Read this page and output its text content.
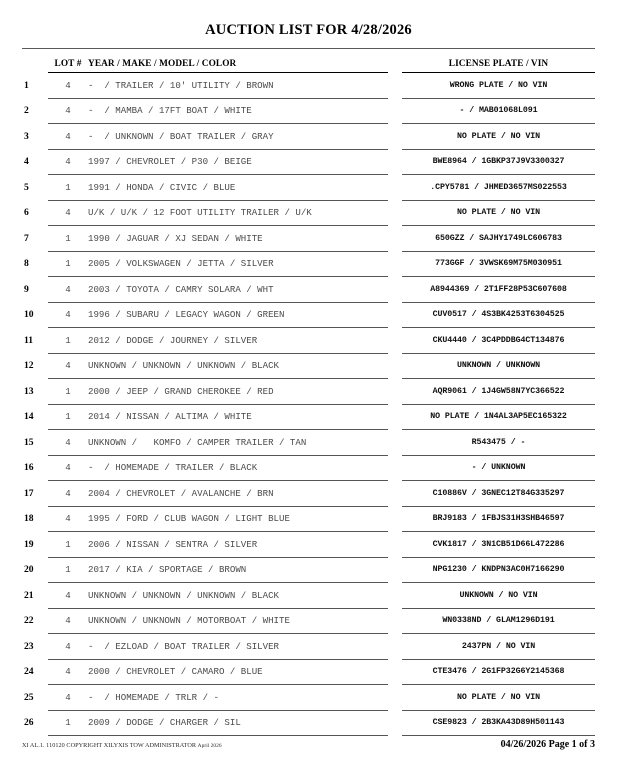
AUCTION LIST FOR 4/28/2026
	LOT #	YEAR / MAKE / MODEL / COLOR		LICENSE PLATE / VIN
1	4	-  / TRAILER / 10' UTILITY / BROWN		WRONG PLATE / NO VIN
2	4	-  / MAMBA / 17FT BOAT / WHITE		- / MAB01068L091
3	4	-  / UNKNOWN / BOAT TRAILER / GRAY		NO PLATE / NO VIN
4	4	1997 / CHEVROLET / P30 / BEIGE		BWE8964 / 1GBKP37J9V3300327
5	1	1991 / HONDA / CIVIC / BLUE		.CPY5781 / JHMED3657MS022553
6	4	U/K / U/K / 12 FOOT UTILITY TRAILER / U/K		NO PLATE / NO VIN
7	1	1990 / JAGUAR / XJ SEDAN / WHITE		650GZZ / SAJHY1749LC606783
8	1	2005 / VOLKSWAGEN / JETTA / SILVER		773GGF / 3VWSK69M75M030951
9	4	2003 / TOYOTA / CAMRY SOLARA / WHT		A8944369 / 2T1FF28P53C607608
10	4	1996 / SUBARU / LEGACY WAGON / GREEN		CUV0517 / 4S3BK4253T6304525
11	1	2012 / DODGE / JOURNEY / SILVER		CKU4440 / 3C4PDDBG4CT134876
12	4	UNKNOWN / UNKNOWN / UNKNOWN / BLACK		UNKNOWN / UNKNOWN
13	1	2000 / JEEP / GRAND CHEROKEE / RED		AQR9061 / 1J4GW58N7YC366522
14	1	2014 / NISSAN / ALTIMA / WHITE		NO PLATE / 1N4AL3AP5EC165322
15	4	UNKNOWN /   KOMFO / CAMPER TRAILER / TAN		R543475 / -
16	4	-  / HOMEMADE / TRAILER / BLACK		- / UNKNOWN
17	4	2004 / CHEVROLET / AVALANCHE / BRN		C10886V / 3GNEC12T84G335297
18	4	1995 / FORD / CLUB WAGON / LIGHT BLUE		BRJ9183 / 1FBJS31H3SHB46597
19	1	2006 / NISSAN / SENTRA / SILVER		CVK1817 / 3N1CB51D66L472286
20	1	2017 / KIA / SPORTAGE / BROWN		NPG1230 / KNDPN3AC0H7166290
21	4	UNKNOWN / UNKNOWN / UNKNOWN / BLACK		UNKNOWN / NO VIN
22	4	UNKNOWN / UNKNOWN / MOTORBOAT / WHITE		WN0338ND / GLAM1296D191
23	4	-  / EZLOAD / BOAT TRAILER / SILVER		2437PN / NO VIN
24	4	2000 / CHEVROLET / CAMARO / BLUE		CTE3476 / 2G1FP32G6Y2145368
25	4	-  / HOMEMADE / TRLR / -		NO PLATE / NO VIN
26	1	2009 / DODGE / CHARGER / SIL		CSE9823 / 2B3KA43D89H501143
XI AL.1. 110120 COPYRIGHT XILYXIS TOW ADMINISTRATOR April 2026	04/26/2026 Page 1 of 3
